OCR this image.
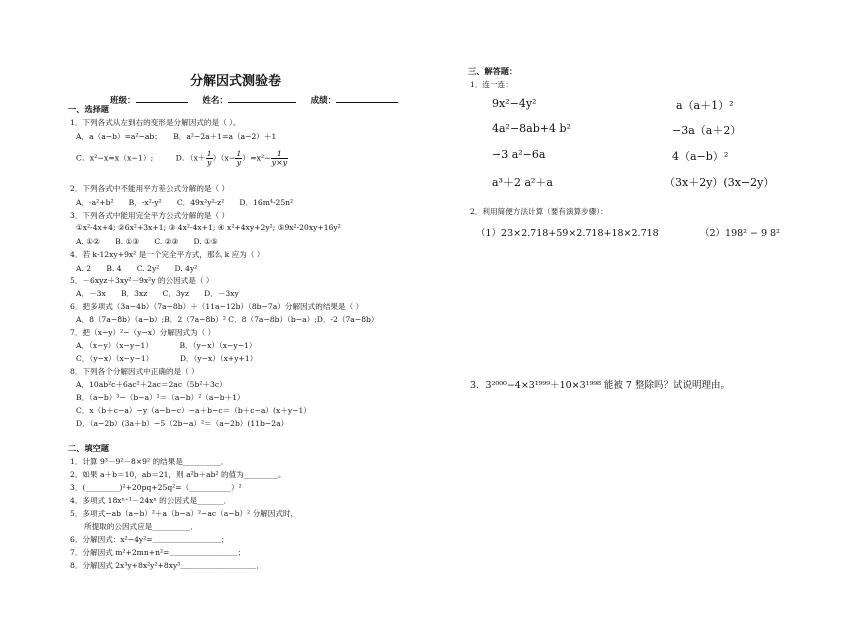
分解因式测验卷
班级：	姓名：	成绩：
一、选择题
1．下列各式从左到右的变形是分解因式的是（ ）。
A．a（a−b）=a²−ab；　　B．a²−2a＋1=a（a−2）＋1
2．下列各式中不能用平方差公式分解的是（ ）
A．-a²+b²　　B．-x²-y²　　C．49x²y²-z²　　D．16m⁴-25n²
3．下列各式中能用完全平方公式分解的是（ ）
①x²-4x+4; ②6x²+3x+1; ③ 4x²-4x+1; ④ x²+4xy+2y²; ⑤9x²-20xy+16y²
A. ①②　　B. ①③　　C. ②③　　D. ①⑤
4．若 k-12xy+9x² 是一个完全平方式，那么 k 应为（ ）
A. 2　　B. 4　　C. 2y²　　D. 4y²
5．－6xyz＋3xy²－9x²y 的公因式是（ ）
A．－3x　　B．3xz　　C．3yz　　D．－3xy
6．把多项式（3a−4b）（7a−8b）＋（11a−12b）（8b−7a）分解因式的结果是（ ）
A．8（7a−8b）（a−b）;B．2（7a−8b）² C．8（7a−8b）（b−a）;D．-2（7a−8b）
7．把（x−y）²−（y−x）分解因式为（ ）
A．（x−y）（x−y−1）　　　　B．（y−x）（x−y−1）
C．（y−x）（x−y−1）　　　　D．（y−x）（x+y+1）
8．下列各个分解因式中正确的是（ ）
A．10ab²c＋6ac²＋2ac＝2ac（5b²＋3c）
B．（a−b）³−（b−a）²＝（a−b）²（a−b＋1）
C．x（b＋c−a）−y（a−b−c）−a＋b−c＝（b＋c−a）(x＋y−1）
D．（a−2b）(3a＋b）−5（2b−a）²＝（a−2b）(11b−2a）
二、填空题
1．计算 9³－9²－8×9² 的结果是__________．
2．如果 a＋b＝10，ab＝21，则 a²b＋ab² 的值为_________。
3．(_________)²+20pq+25q²=（___________）²
4．多项式 18xⁿ⁺¹－24xⁿ 的公因式是_______．
5．多项式−ab（a−b）²＋a（b−a）²−ac（a−b）² 分解因式时，
所提取的公因式应是__________．
6．分解因式：x²−4y²=＿＿＿＿＿＿＿＿＿；
7．分解因式 m²+2mn+n²=＿＿＿＿＿＿＿＿＿；
8．分解因式 2x³y+8x²y²+8xy³＿＿＿＿＿＿＿＿＿＿．
三、解答题：
1．连一连：
9x²−4y²	a（a＋1）²
4a²−8ab+4 b²	−3a（a＋2）
−3 a²−6a	4（a−b）²
a³＋2 a²＋a	（3x＋2y）(3x−2y）
2．利用简便方法计算（要有演算步骤）：
（1）23×2.718+59×2.718+18×2.718	（2）198² − 9 8²
3．3²⁰⁰⁰−4×3¹⁹⁹⁹＋10×3¹⁹⁹⁸ 能被 7 整除吗？试说明理由。
C．x²−x=x（x−1）;	D．$(x+ \frac{1}{y} )(x- \frac{1}{y} )=x^2- \frac{1}{y\times y}$
